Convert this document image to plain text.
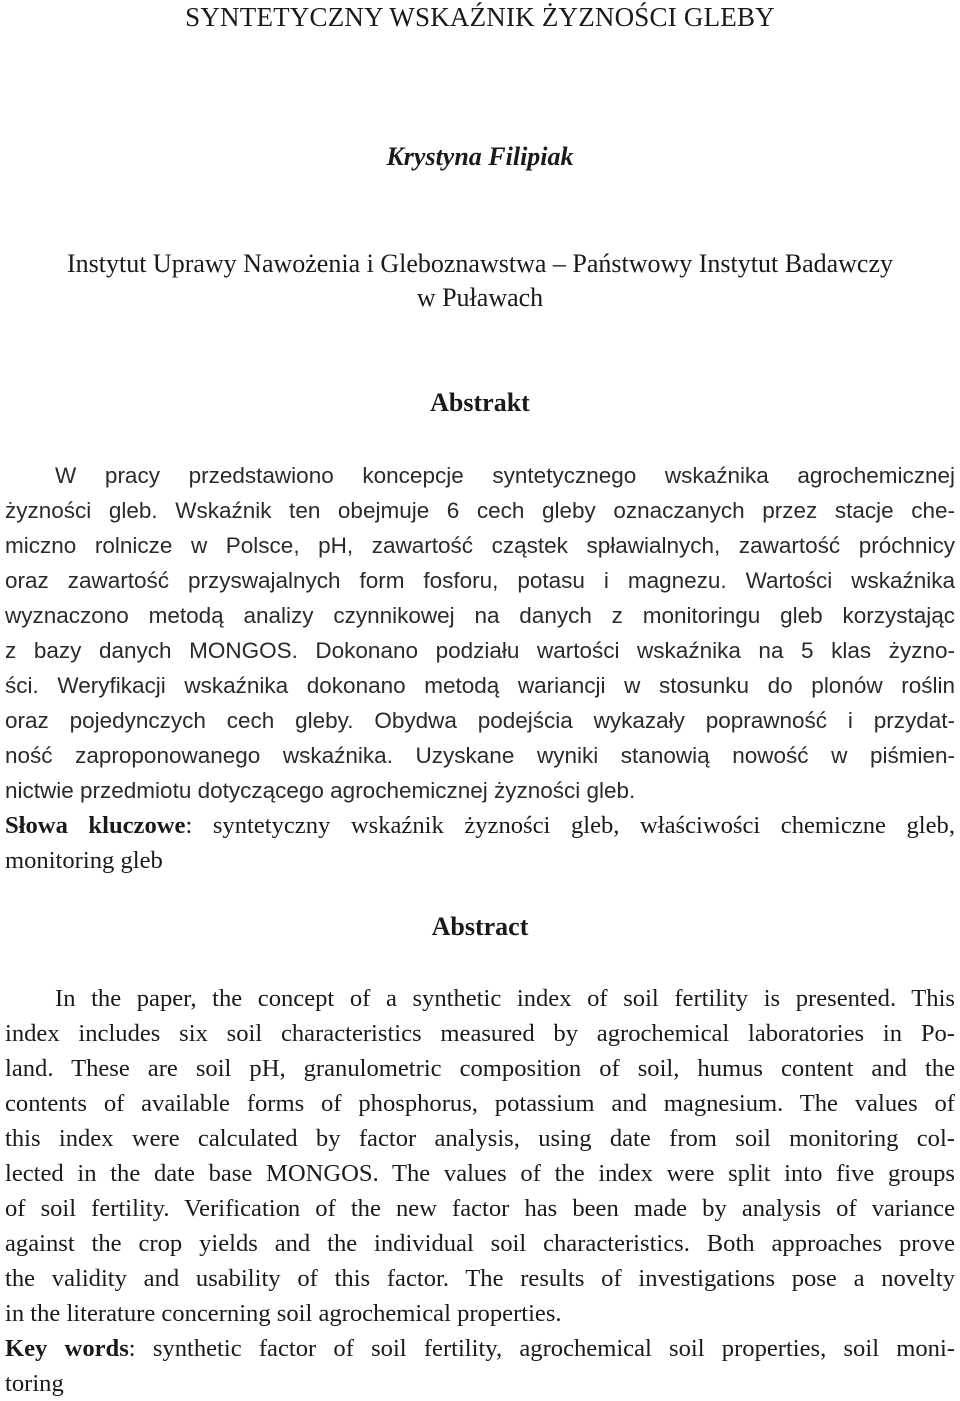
SYNTETYCZNY WSKAŹNIK ŻYZNOŚCI GLEBY
Krystyna Filipiak
Instytut Uprawy Nawożenia i Gleboznawstwa – Państwowy Instytut Badawczy
w Puławach
Abstrakt
W pracy przedstawiono koncepcje syntetycznego wskaźnika agrochemicznej
żyzności gleb. Wskaźnik ten obejmuje 6 cech gleby oznaczanych przez stacje che-
miczno rolnicze w Polsce, pH, zawartość cząstek spławialnych, zawartość próchnicy
oraz zawartość przyswajalnych form fosforu, potasu i magnezu. Wartości wskaźnika
wyznaczono metodą analizy czynnikowej na danych z monitoringu gleb korzystając
z bazy danych MONGOS. Dokonano podziału wartości wskaźnika na 5 klas żyzno-
ści. Weryfikacji wskaźnika dokonano metodą wariancji w stosunku do plonów roślin
oraz pojedynczych cech gleby. Obydwa podejścia wykazały poprawność i przydat-
ność zaproponowanego wskaźnika. Uzyskane wyniki stanowią nowość w piśmien-
nictwie przedmiotu dotyczącego agrochemicznej żyzności gleb.
Słowa kluczowe: syntetyczny wskaźnik żyzności gleb, właściwości chemiczne gleb,
monitoring gleb
Abstract
In the paper, the concept of a synthetic index of soil fertility is presented. This
index includes six soil characteristics measured by agrochemical laboratories in Po-
land. These are soil pH, granulometric composition of soil, humus content and the
contents of available forms of phosphorus, potassium and magnesium. The values of
this index were calculated by factor analysis, using date from soil monitoring col-
lected in the date base MONGOS. The values of the index were split into five groups
of soil fertility. Verification of the new factor has been made by analysis of variance
against the crop yields and the individual soil characteristics. Both approaches prove
the validity and usability of this factor. The results of investigations pose a novelty
in the literature concerning soil agrochemical properties.
Key words: synthetic factor of soil fertility, agrochemical soil properties, soil moni-
toring
